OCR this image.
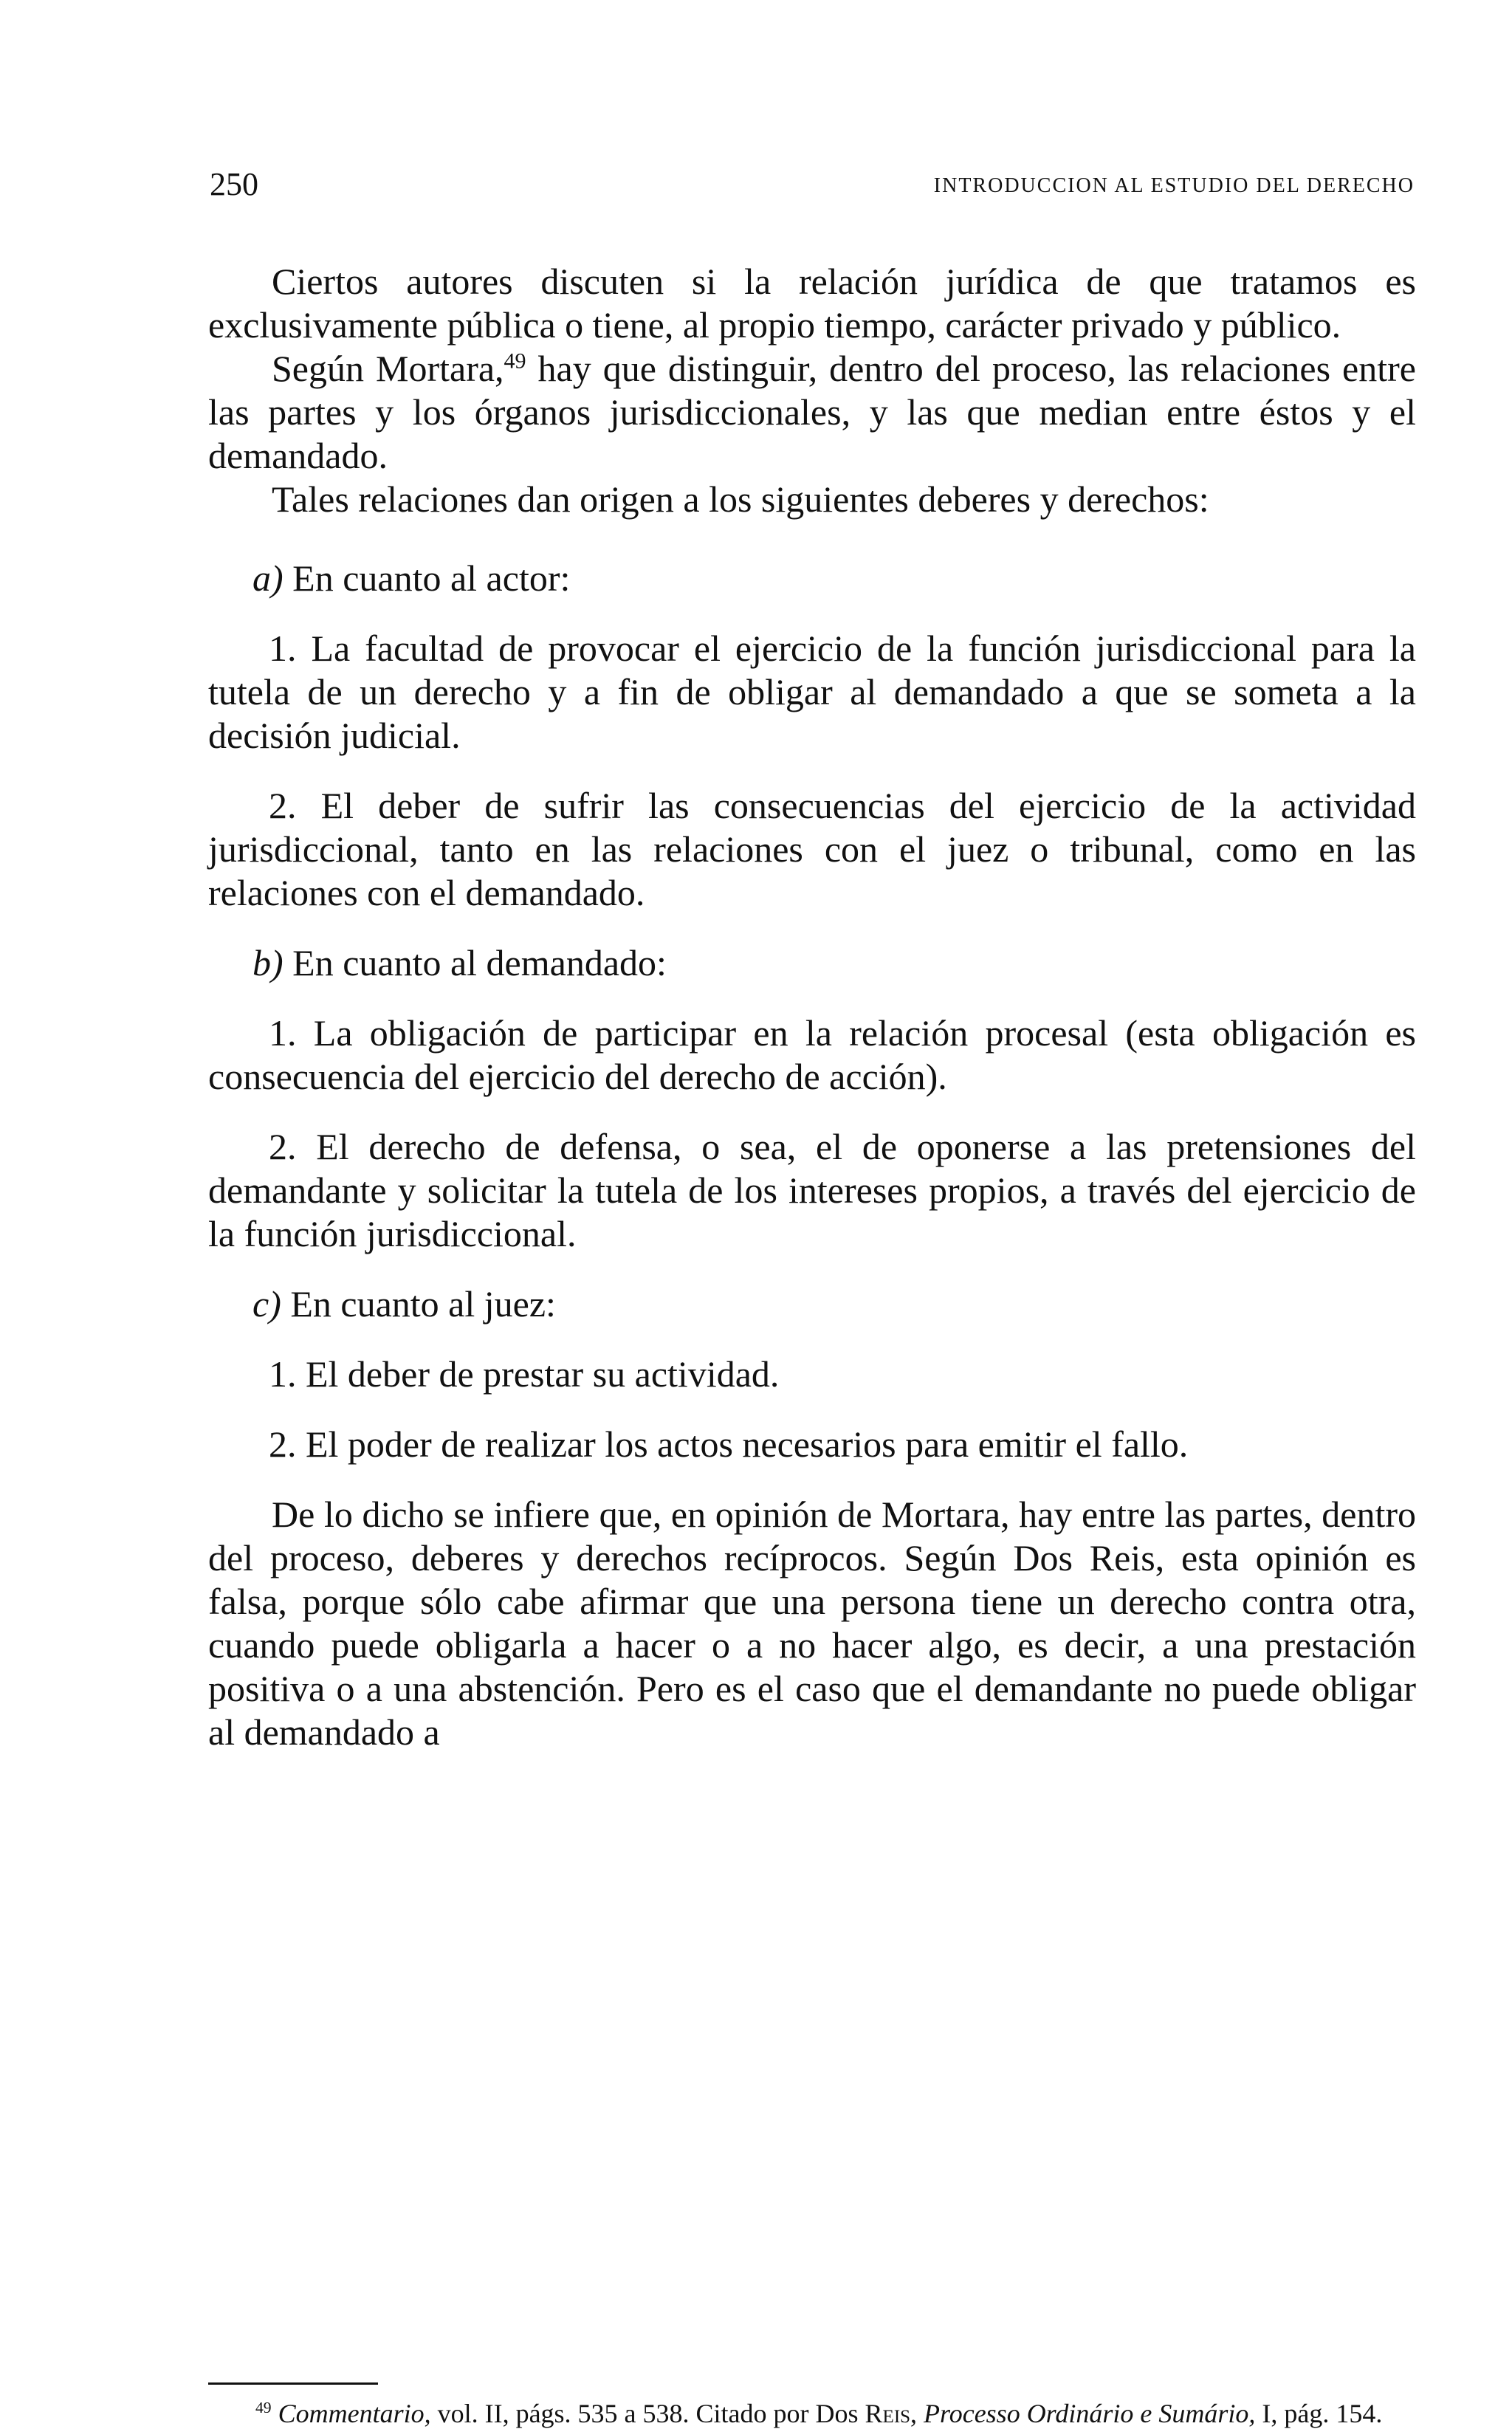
250	INTRODUCCION AL ESTUDIO DEL DERECHO

Ciertos autores discuten si la relación jurídica de que tratamos es exclusivamente pública o tiene, al propio tiempo, carácter privado y público.

Según Mortara,$^{49}$ hay que distinguir, dentro del proceso, las relaciones entre las partes y los órganos jurisdiccionales, y las que median entre éstos y el demandado.

Tales relaciones dan origen a los siguientes deberes y derechos:

a) En cuanto al actor:

1. La facultad de provocar el ejercicio de la función jurisdiccional para la tutela de un derecho y a fin de obligar al demandado a que se someta a la decisión judicial.

2. El deber de sufrir las consecuencias del ejercicio de la actividad jurisdiccional, tanto en las relaciones con el juez o tribunal, como en las relaciones con el demandado.

b) En cuanto al demandado:

1. La obligación de participar en la relación procesal (esta obligación es consecuencia del ejercicio del derecho de acción).

2. El derecho de defensa, o sea, el de oponerse a las pretensiones del demandante y solicitar la tutela de los intereses propios, a través del ejercicio de la función jurisdiccional.

c) En cuanto al juez:

1. El deber de prestar su actividad.

2. El poder de realizar los actos necesarios para emitir el fallo.

De lo dicho se infiere que, en opinión de Mortara, hay entre las partes, dentro del proceso, deberes y derechos recíprocos. Según Dos Reis, esta opinión es falsa, porque sólo cabe afirmar que una persona tiene un derecho contra otra, cuando puede obligarla a hacer o a no hacer algo, es decir, a una prestación positiva o a una abstención. Pero es el caso que el demandante no puede obligar al demandado a

$^{49}$ Commentario, vol. II, págs. 535 a 538. Citado por Dos Reis, Processo Ordinário e Sumário, I, pág. 154.
